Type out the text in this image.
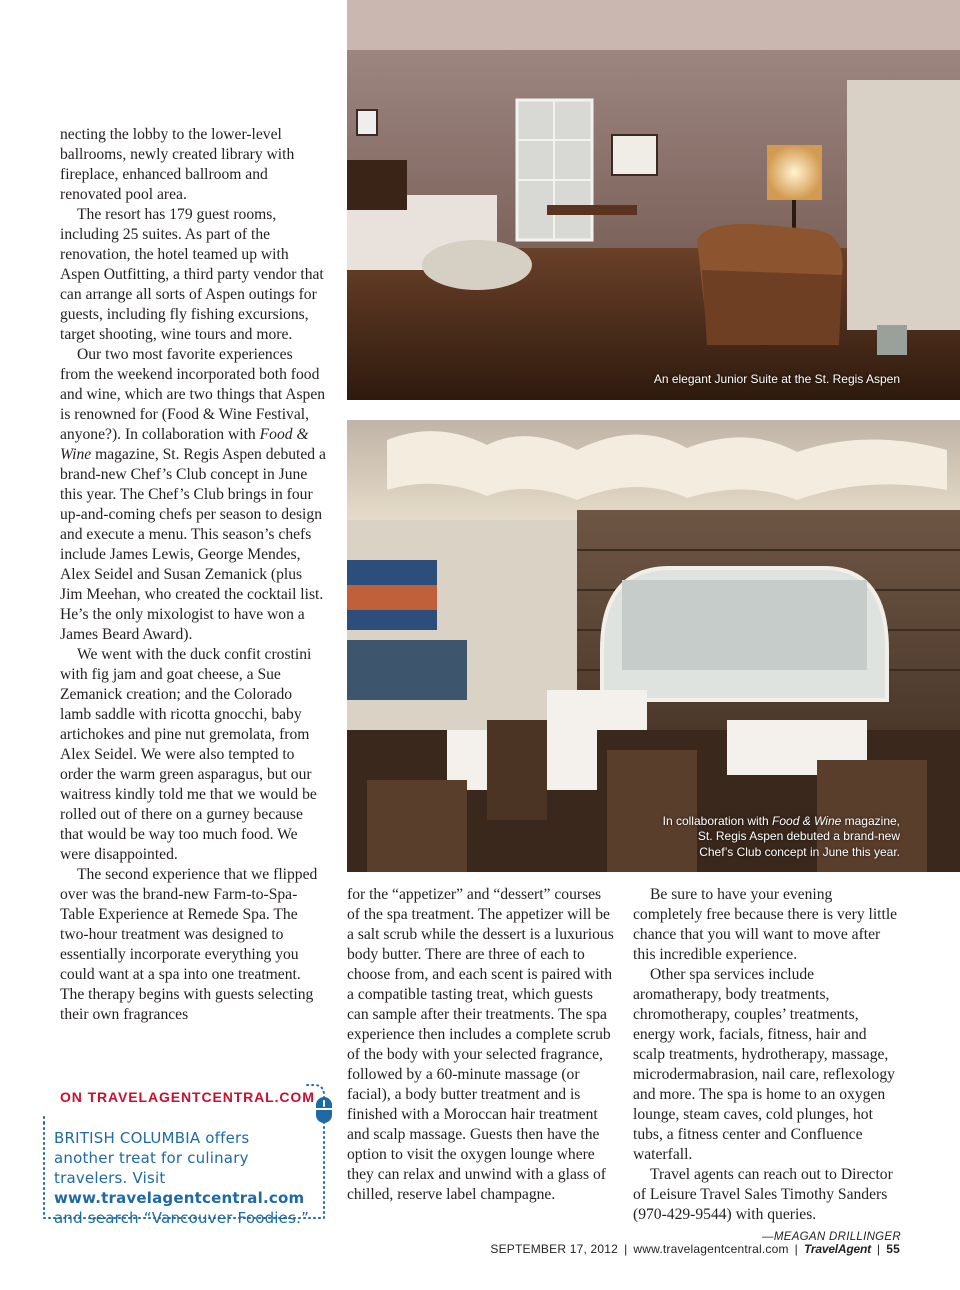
necting the lobby to the lower-level ballrooms, newly created library with fireplace, enhanced ballroom and renovated pool area.

The resort has 179 guest rooms, including 25 suites. As part of the renovation, the hotel teamed up with Aspen Outfitting, a third party vendor that can arrange all sorts of Aspen outings for guests, including fly fishing excursions, target shooting, wine tours and more.

Our two most favorite experiences from the weekend incorporated both food and wine, which are two things that Aspen is renowned for (Food & Wine Festival, anyone?). In collaboration with Food & Wine magazine, St. Regis Aspen debuted a brand-new Chef’s Club concept in June this year. The Chef’s Club brings in four up-and-coming chefs per season to design and execute a menu. This season’s chefs include James Lewis, George Mendes, Alex Seidel and Susan Zemanick (plus Jim Meehan, who created the cocktail list. He’s the only mixologist to have won a James Beard Award).

We went with the duck confit crostini with fig jam and goat cheese, a Sue Zemanick creation; and the Colorado lamb saddle with ricotta gnocchi, baby artichokes and pine nut gremolata, from Alex Seidel. We were also tempted to order the warm green asparagus, but our waitress kindly told me that we would be rolled out of there on a gurney because that would be way too much food. We were disappointed.

The second experience that we flipped over was the brand-new Farm-to-Spa-Table Experience at Remede Spa. The two-hour treatment was designed to essentially incorporate everything you could want at a spa into one treatment. The therapy begins with guests selecting their own fragrances

An elegant Junior Suite at the St. Regis Aspen
In collaboration with Food & Wine magazine,
St. Regis Aspen debuted a brand-new
Chef’s Club concept in June this year.

for the “appetizer” and “dessert” courses of the spa treatment. The appetizer will be a salt scrub while the dessert is a luxurious body butter. There are three of each to choose from, and each scent is paired with a compatible tasting treat, which guests can sample after their treatments. The spa experience then includes a complete scrub of the body with your selected fragrance, followed by a 60-minute massage (or facial), a body butter treatment and is finished with a Moroccan hair treatment and scalp massage. Guests then have the option to visit the oxygen lounge where they can relax and unwind with a glass of chilled, reserve label champagne.

Be sure to have your evening completely free because there is very little chance that you will want to move after this incredible experience.

Other spa services include aromatherapy, body treatments, chromotherapy, couples’ treatments, energy work, facials, fitness, hair and scalp treatments, hydrotherapy, massage, microdermabrasion, nail care, reflexology and more. The spa is home to an oxygen lounge, steam caves, cold plunges, hot tubs, a fitness center and Confluence waterfall.

Travel agents can reach out to Director of Leisure Travel Sales Timothy Sanders (970-429-9544) with queries.

—MEAGAN DRILLINGER
ON TRAVELAGENTCENTRAL.COM
BRITISH COLUMBIA offers another treat for culinary travelers. Visit www.travelagentcentral.com and search “Vancouver Foodies.”
SEPTEMBER 17, 2012 | www.travelagentcentral.com | TravelAgent | 55
